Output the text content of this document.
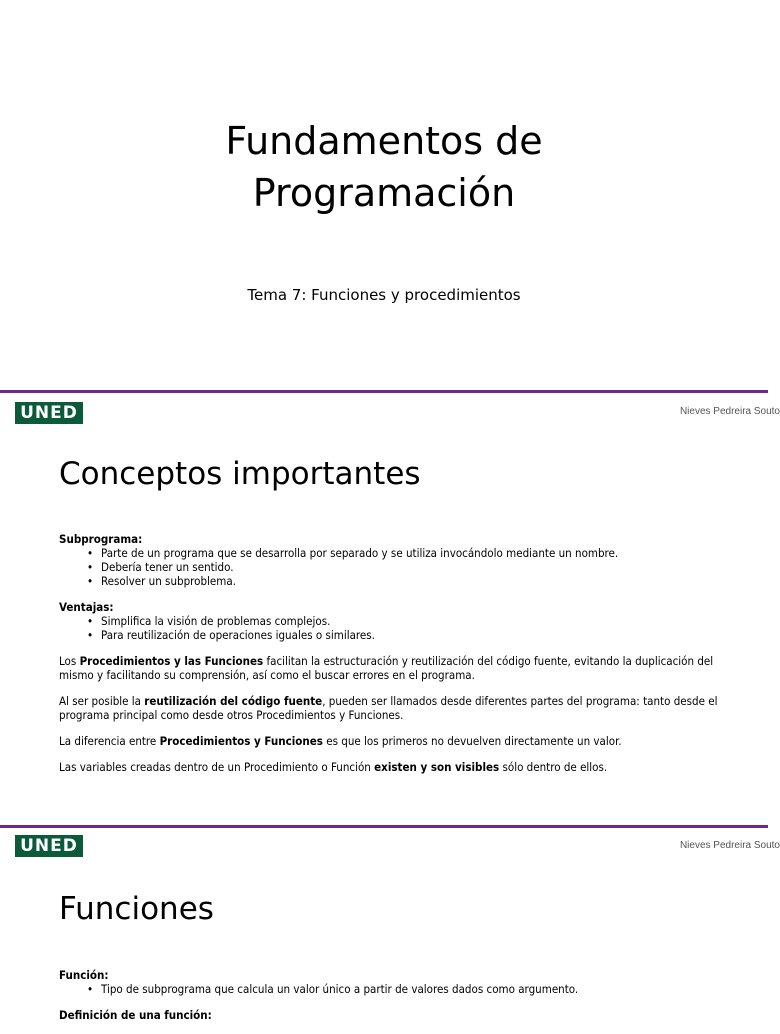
Fundamentos de
Programación
Tema 7: Funciones y procedimientos
UNED	Nieves Pedreira Souto
Conceptos importantes
Subprograma:
• Parte de un programa que se desarrolla por separado y se utiliza invocándolo mediante un nombre.
• Debería tener un sentido.
• Resolver un subproblema.
Ventajas:
• Simplifica la visión de problemas complejos.
• Para reutilización de operaciones iguales o similares.

Los Procedimientos y las Funciones facilitan la estructuración y reutilización del código fuente, evitando la duplicación del mismo y facilitando su comprensión, así como el buscar errores en el programa.

Al ser posible la reutilización del código fuente, pueden ser llamados desde diferentes partes del programa: tanto desde el programa principal como desde otros Procedimientos y Funciones.

La diferencia entre Procedimientos y Funciones es que los primeros no devuelven directamente un valor.

Las variables creadas dentro de un Procedimiento o Función existen y son visibles sólo dentro de ellos.

UNED	Nieves Pedreira Souto
Funciones
Función:
• Tipo de subprograma que calcula un valor único a partir de valores dados como argumento.
Definición de una función:
